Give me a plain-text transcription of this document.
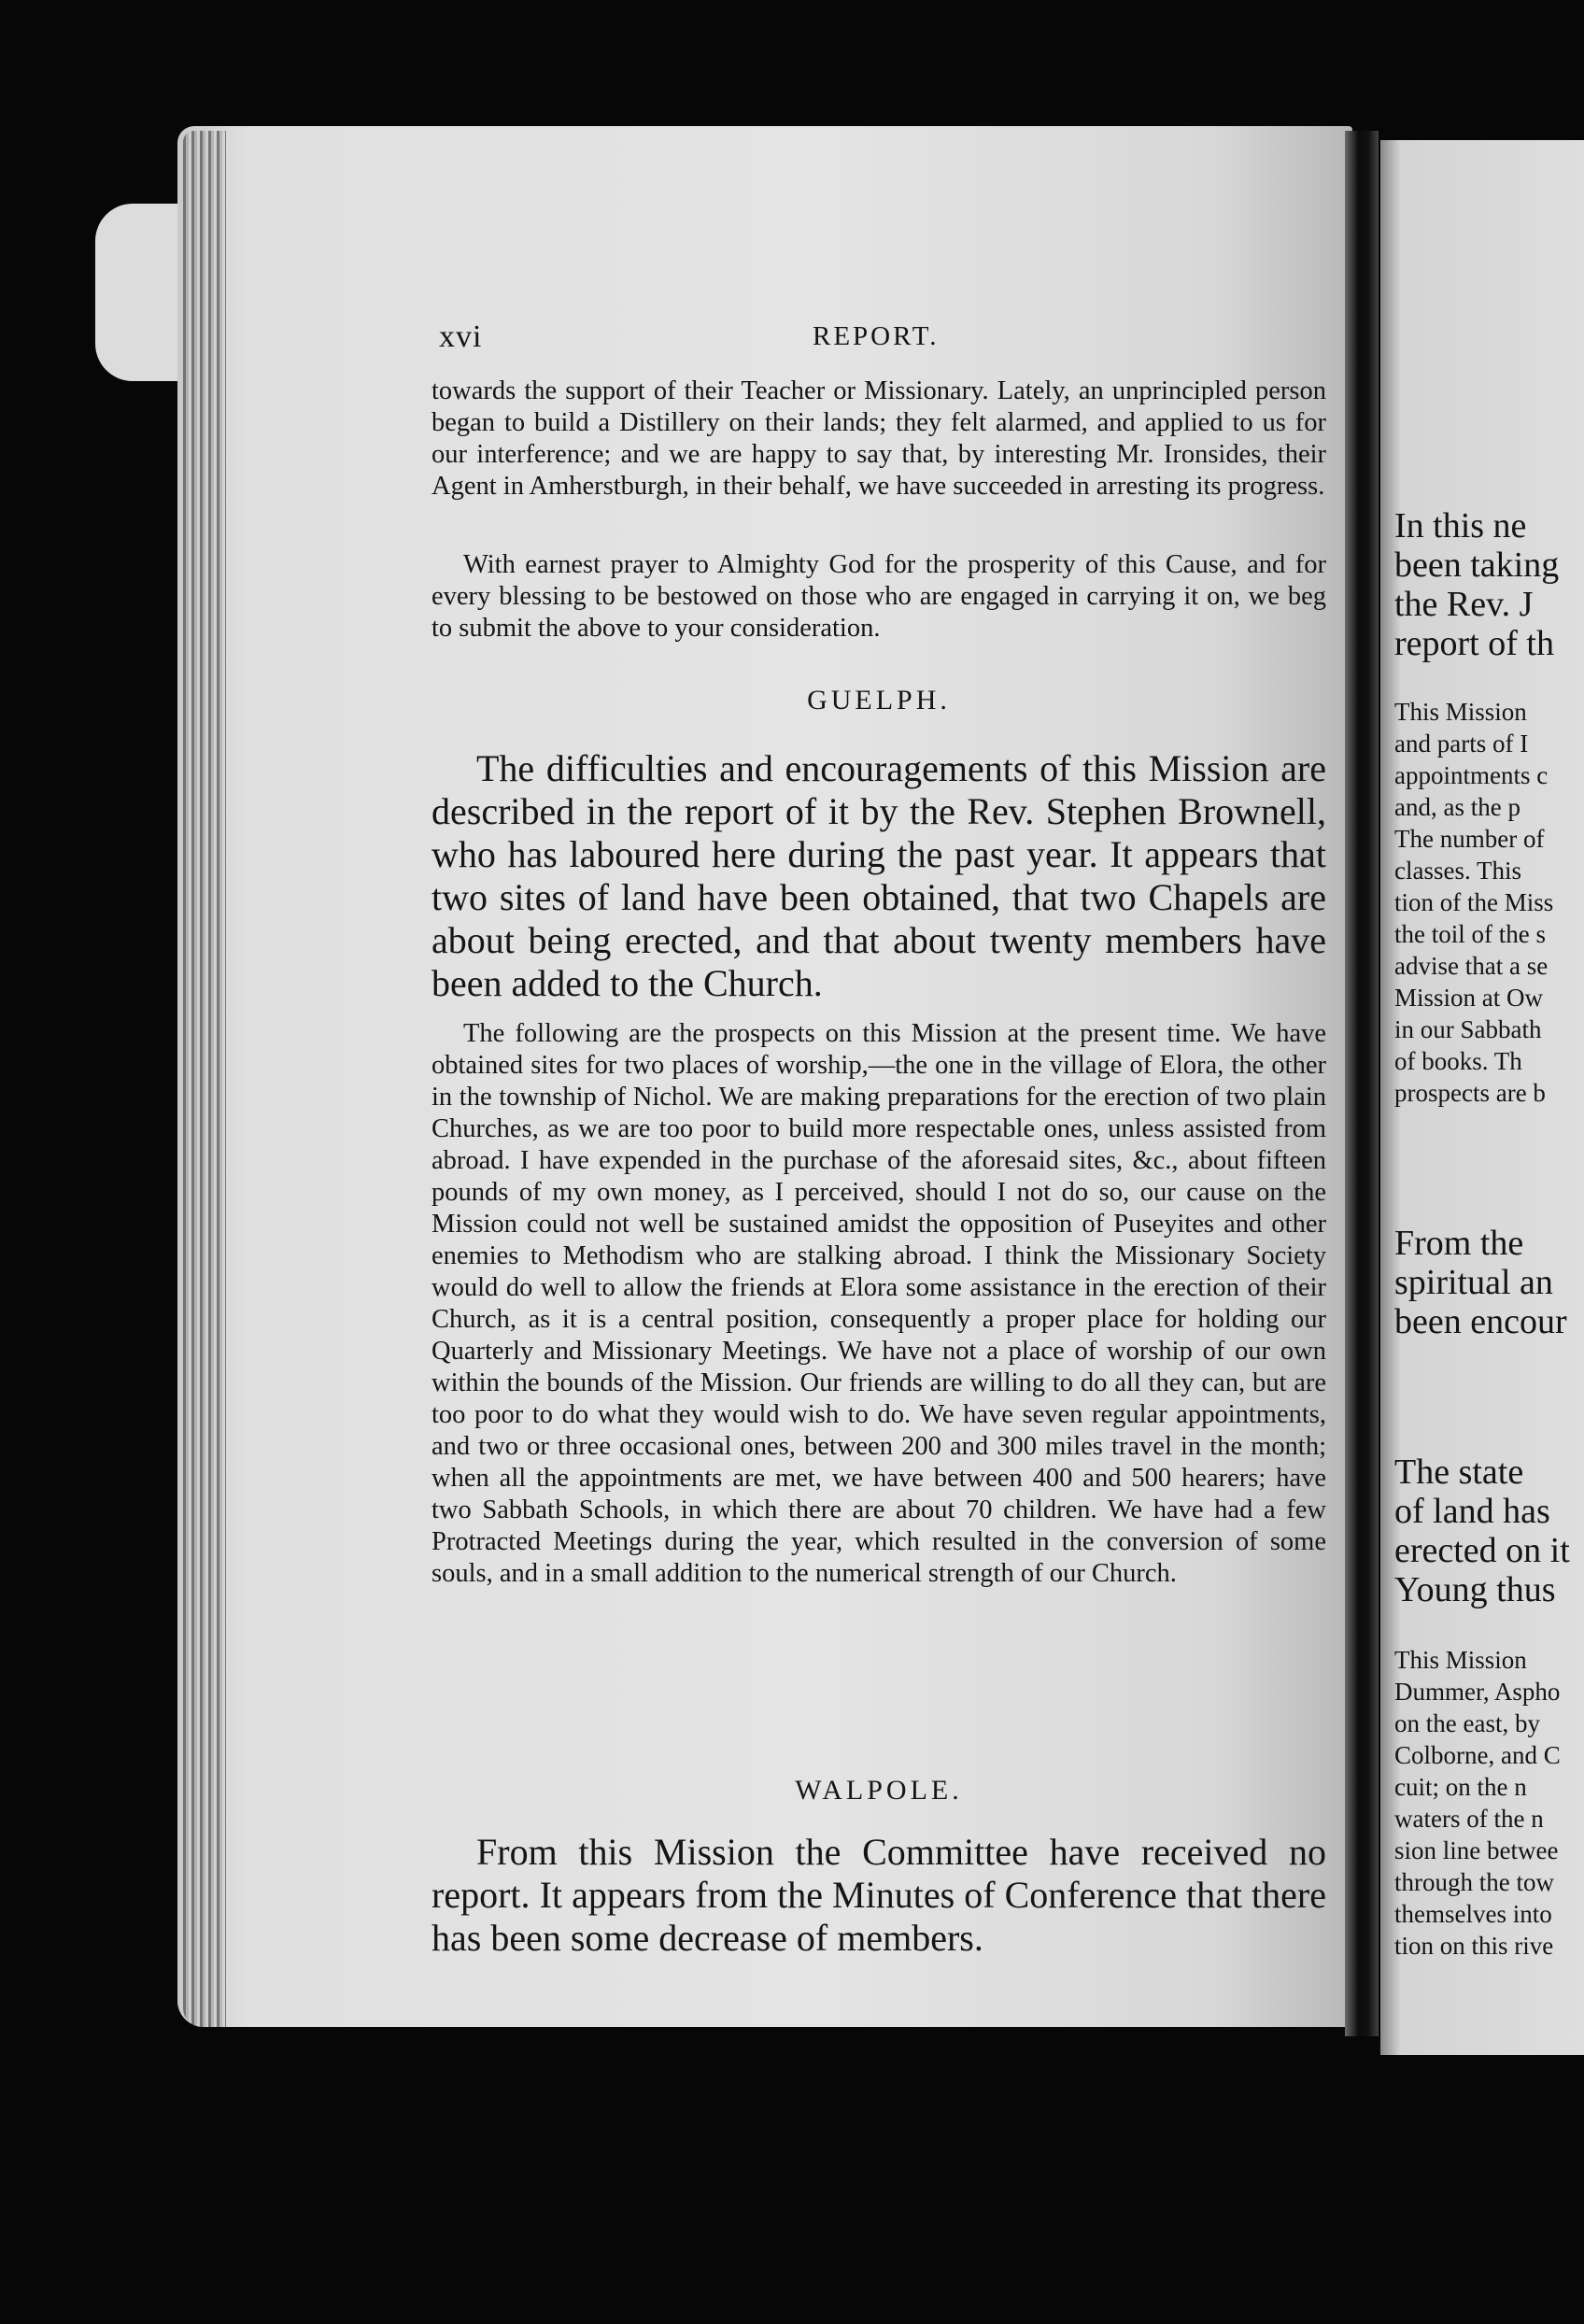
xvi	REPORT.

towards the support of their Teacher or Missionary. Lately, an unprincipled person began to build a Distillery on their lands; they felt alarmed, and applied to us for our interference; and we are happy to say that, by interesting Mr. Ironsides, their Agent in Amherstburgh, in their behalf, we have succeeded in arresting its progress.

With earnest prayer to Almighty God for the prosperity of this Cause, and for every blessing to be bestowed on those who are engaged in carrying it on, we beg to submit the above to your consideration.

GUELPH.

The difficulties and encouragements of this Mission are described in the report of it by the Rev. Stephen Brownell, who has laboured here during the past year. It appears that two sites of land have been obtained, that two Chapels are about being erected, and that about twenty members have been added to the Church.

The following are the prospects on this Mission at the present time. We have obtained sites for two places of worship,—the one in the village of Elora, the other in the township of Nichol. We are making preparations for the erection of two plain Churches, as we are too poor to build more respectable ones, unless assisted from abroad. I have expended in the purchase of the aforesaid sites, &c., about fifteen pounds of my own money, as I perceived, should I not do so, our cause on the Mission could not well be sustained amidst the opposition of Puseyites and other enemies to Methodism who are stalking abroad. I think the Missionary Society would do well to allow the friends at Elora some assistance in the erection of their Church, as it is a central position, consequently a proper place for holding our Quarterly and Missionary Meetings. We have not a place of worship of our own within the bounds of the Mission. Our friends are willing to do all they can, but are too poor to do what they would wish to do. We have seven regular appointments, and two or three occasional ones, between 200 and 300 miles travel in the month; when all the appointments are met, we have between 400 and 500 hearers; have two Sabbath Schools, in which there are about 70 children. We have had a few Protracted Meetings during the year, which resulted in the conversion of some souls, and in a small addition to the numerical strength of our Church.

WALPOLE.

From this Mission the Committee have received no report. It appears from the Minutes of Conference that there has been some decrease of members.

In this ne
been taking
the Rev. J
report of th
This Mission
and parts of I
appointments c
and, as the p
The number of
classes. This
tion of the Miss
the toil of the s
advise that a se
Mission at Ow
in our Sabbath
of books. Th
prospects are b
From the
spiritual an
been encour
The state
of land has
erected on it
Young thus
This Mission
Dummer, Aspho
on the east, by
Colborne, and C
cuit; on the n
waters of the n
sion line betwee
through the tow
themselves into
tion on this rive
